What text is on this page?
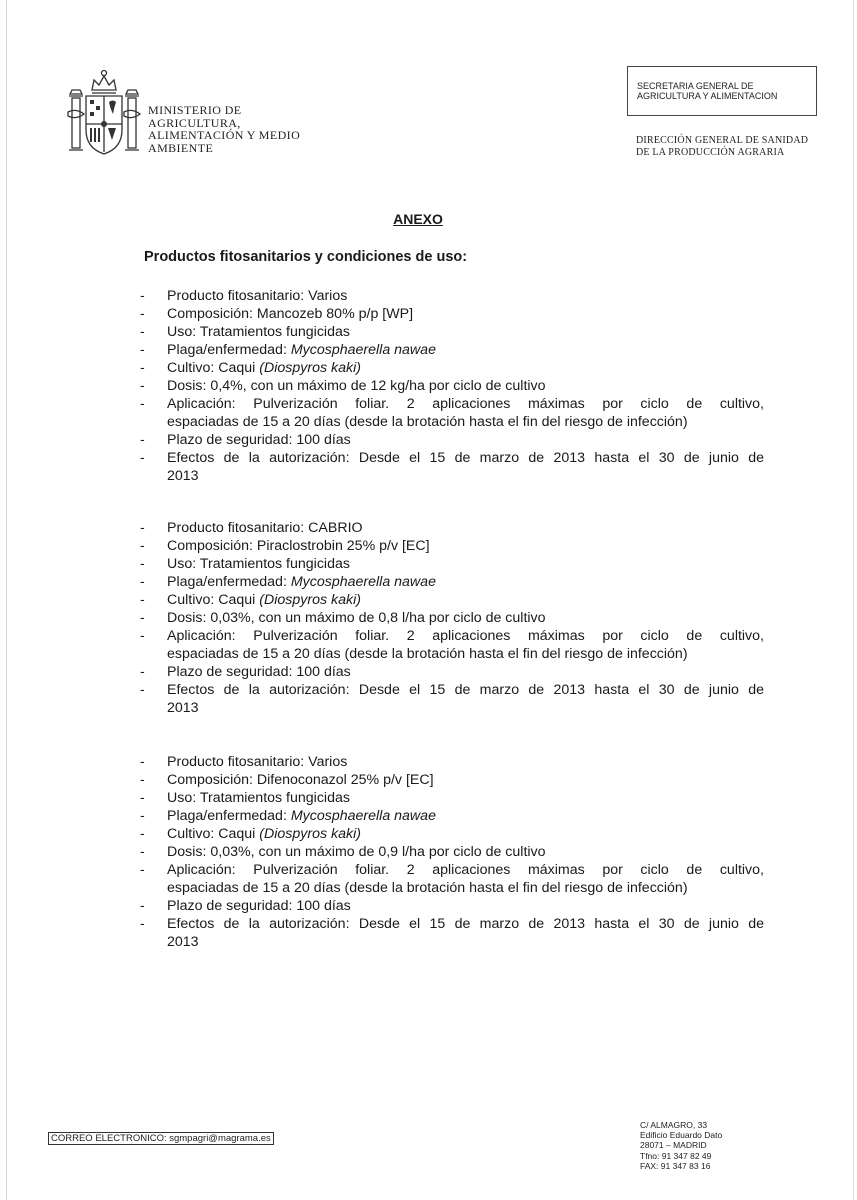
MINISTERIO DE
AGRICULTURA,
ALIMENTACIÓN Y MEDIO
AMBIENTE
SECRETARIA GENERAL DE
AGRICULTURA Y ALIMENTACION
DIRECCIÓN GENERAL DE SANIDAD
DE LA PRODUCCIÓN AGRARIA
ANEXO
Productos fitosanitarios y condiciones de uso:
-	Producto fitosanitario: Varios
-	Composición: Mancozeb 80% p/p [WP]
-	Uso: Tratamientos fungicidas
-	Plaga/enfermedad: Mycosphaerella nawae
-	Cultivo: Caqui (Diospyros kaki)
-	Dosis: 0,4%, con un máximo de 12 kg/ha por ciclo de cultivo
-	Aplicación: Pulverización foliar. 2 aplicaciones máximas por ciclo de cultivo,
espaciadas de 15 a 20 días (desde la brotación hasta el fin del riesgo de infección)
-	Plazo de seguridad: 100 días
-	Efectos de la autorización: Desde el 15 de marzo de 2013 hasta el 30 de junio de
2013
-	Producto fitosanitario: CABRIO
-	Composición: Piraclostrobin 25% p/v [EC]
-	Uso: Tratamientos fungicidas
-	Plaga/enfermedad: Mycosphaerella nawae
-	Cultivo: Caqui (Diospyros kaki)
-	Dosis: 0,03%, con un máximo de 0,8 l/ha por ciclo de cultivo
-	Aplicación: Pulverización foliar. 2 aplicaciones máximas por ciclo de cultivo,
espaciadas de 15 a 20 días (desde la brotación hasta el fin del riesgo de infección)
-	Plazo de seguridad: 100 días
-	Efectos de la autorización: Desde el 15 de marzo de 2013 hasta el 30 de junio de
2013
-	Producto fitosanitario: Varios
-	Composición: Difenoconazol 25% p/v [EC]
-	Uso: Tratamientos fungicidas
-	Plaga/enfermedad: Mycosphaerella nawae
-	Cultivo: Caqui (Diospyros kaki)
-	Dosis: 0,03%, con un máximo de 0,9 l/ha por ciclo de cultivo
-	Aplicación: Pulverización foliar. 2 aplicaciones máximas por ciclo de cultivo,
espaciadas de 15 a 20 días (desde la brotación hasta el fin del riesgo de infección)
-	Plazo de seguridad: 100 días
-	Efectos de la autorización: Desde el 15 de marzo de 2013 hasta el 30 de junio de
2013
CORREO ELECTRONICO: sgmpagri@magrama.es
C/ ALMAGRO, 33
Edificio Eduardo Dato
28071 – MADRID
Tfno: 91 347 82 49
FAX: 91 347 83 16
